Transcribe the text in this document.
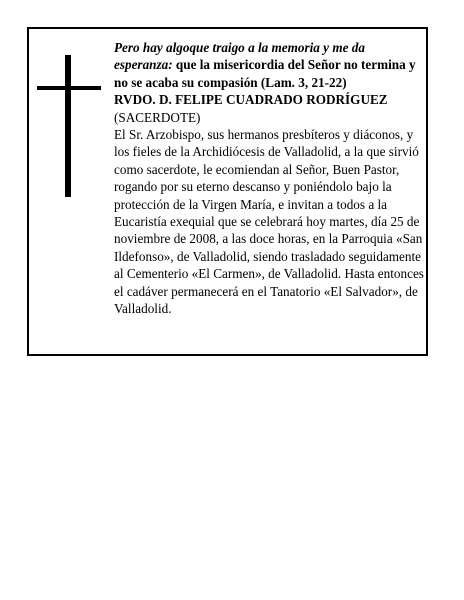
Pero hay algoque traigo a la memoria y me da esperanza: que la misericordia del Señor no termina y no se acaba su compasión (Lam. 3, 21-22)

RVDO. D. FELIPE CUADRADO RODRÍGUEZ

(SACERDOTE)

El Sr. Arzobispo, sus hermanos presbíteros y diáconos, y los fieles de la Archidiócesis de Valladolid, a la que sirvió como sacerdote, le ecomiendan al Señor, Buen Pastor, rogando por su eterno descanso y poniéndolo bajo la protección de la Virgen María, e invitan a todos a la Eucaristía exequial que se celebrará hoy martes, día 25 de noviembre de 2008, a las doce horas, en la Parroquia «San Ildefonso», de Valladolid, siendo trasladado seguidamente al Cementerio «El Carmen», de Valladolid. Hasta entonces el cadáver permanecerá en el Tanatorio «El Salvador», de Valladolid.
